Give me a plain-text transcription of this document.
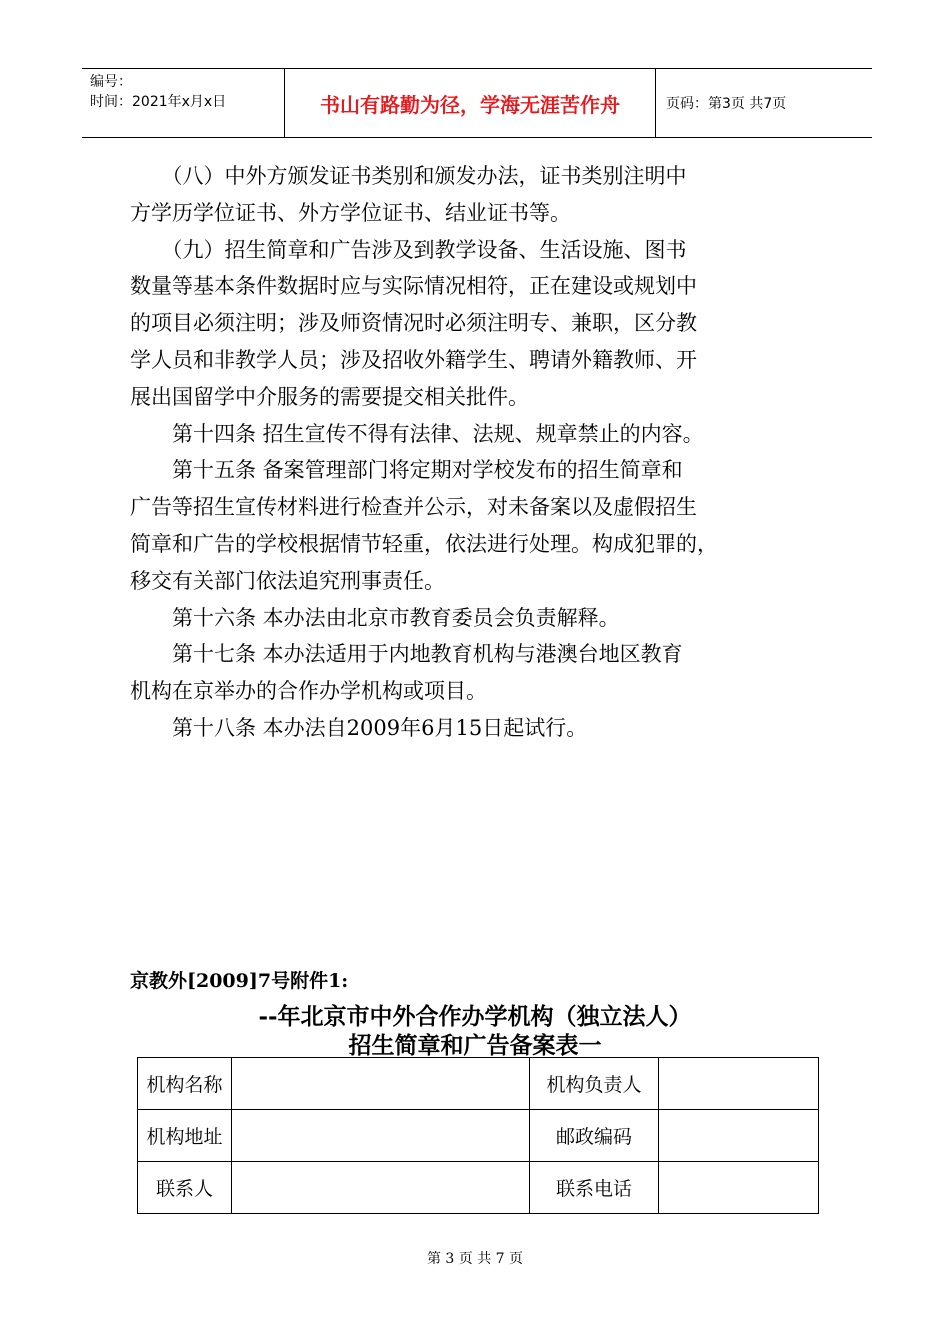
编号：
时间：2021年x月x日	书山有路勤为径，学海无涯苦作舟	页码：第3页 共7页
　　（八）中外方颁发证书类别和颁发办法，证书类别注明中
方学历学位证书、外方学位证书、结业证书等。
　　（九）招生简章和广告涉及到教学设备、生活设施、图书
数量等基本条件数据时应与实际情况相符，正在建设或规划中
的项目必须注明；涉及师资情况时必须注明专、兼职，区分教
学人员和非教学人员；涉及招收外籍学生、聘请外籍教师、开
展出国留学中介服务的需要提交相关批件。
　　第十四条 招生宣传不得有法律、法规、规章禁止的内容。
　　第十五条 备案管理部门将定期对学校发布的招生简章和
广告等招生宣传材料进行检查并公示，对未备案以及虚假招生
简章和广告的学校根据情节轻重，依法进行处理。构成犯罪的，
移交有关部门依法追究刑事责任。
　　第十六条 本办法由北京市教育委员会负责解释。
　　第十七条 本办法适用于内地教育机构与港澳台地区教育
机构在京举办的合作办学机构或项目。
　　第十八条 本办法自2009年6月15日起试行。
京教外[2009]7号附件1:
--年北京市中外合作办学机构（独立法人）
招生简章和广告备案表一
机构名称		机构负责人	
机构地址		邮政编码	
联系人		联系电话	
第 3 页 共 7 页
